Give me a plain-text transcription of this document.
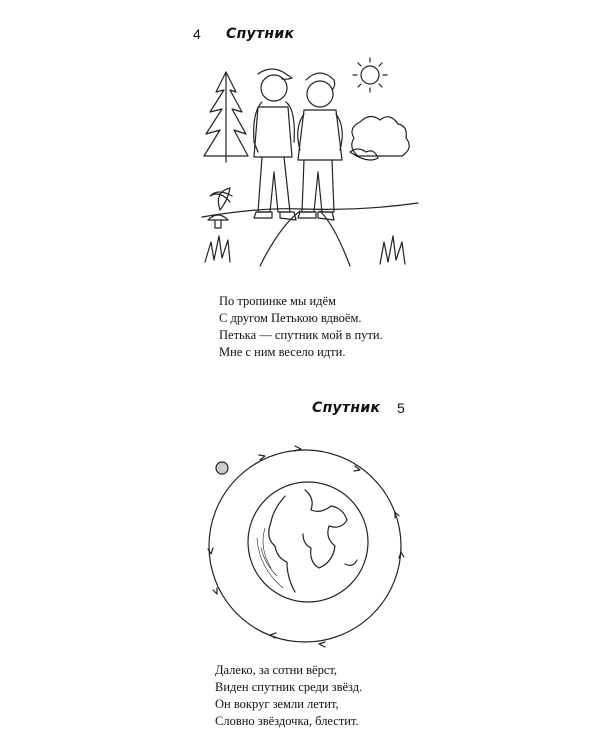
4 Спутник
По тропинке мы идём
С другом Петькою вдвоём.
Петька — спутник мой в пути.
Мне с ним весело идти.
Спутник 5
Далеко, за сотни вёрст,
Виден спутник среди звёзд.
Он вокруг земли летит,
Словно звёздочка, блестит.
